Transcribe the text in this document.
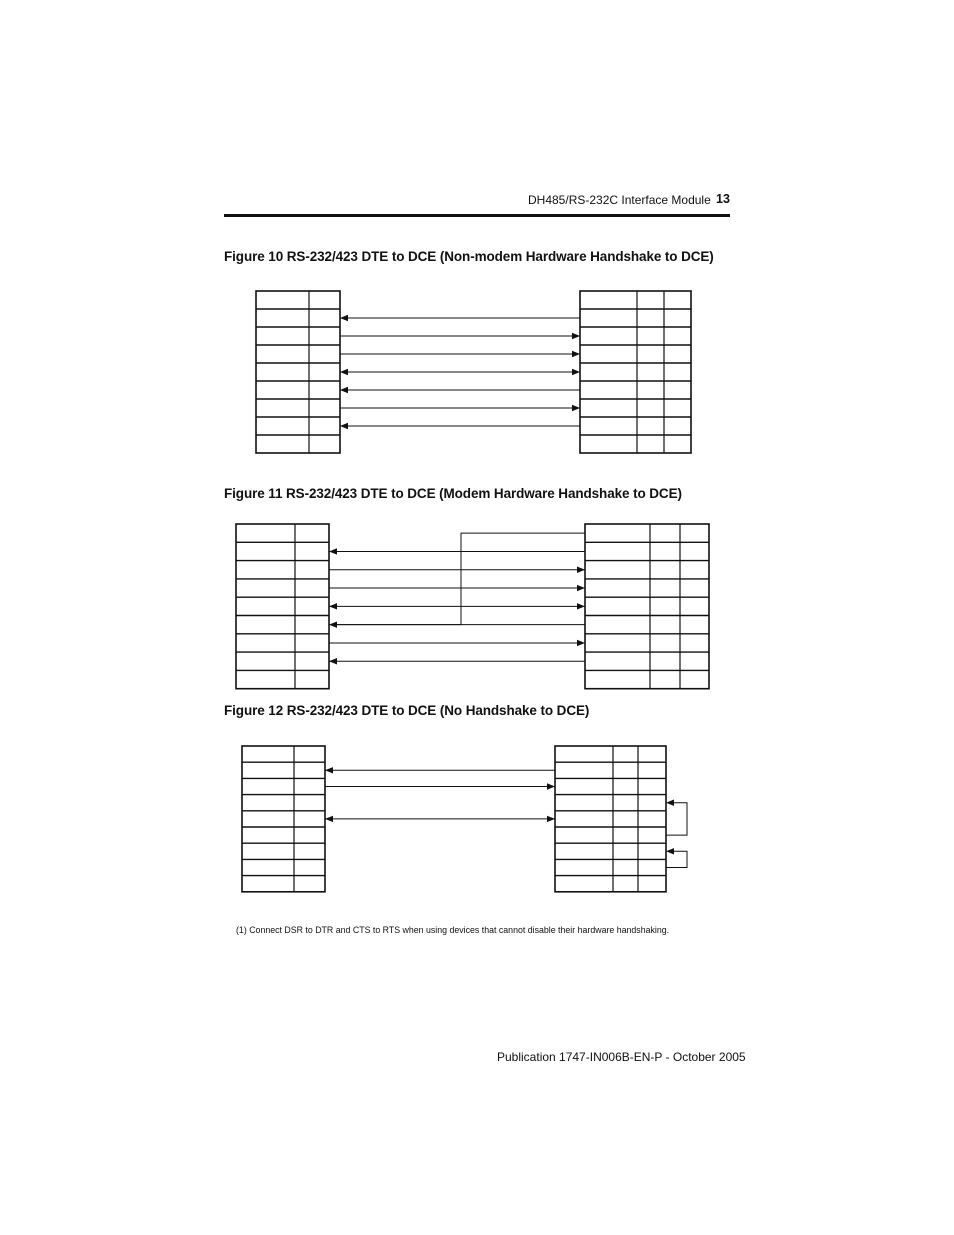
DH485/RS-232C Interface Module 13
Figure 10 RS-232/423 DTE to DCE (Non-modem Hardware Handshake to DCE)
Figure 11 RS-232/423 DTE to DCE (Modem Hardware Handshake to DCE)
Figure 12 RS-232/423 DTE to DCE (No Handshake to DCE)
(1) Connect DSR to DTR and CTS to RTS when using devices that cannot disable their hardware handshaking.
Publication 1747-IN006B-EN-P - October 2005
